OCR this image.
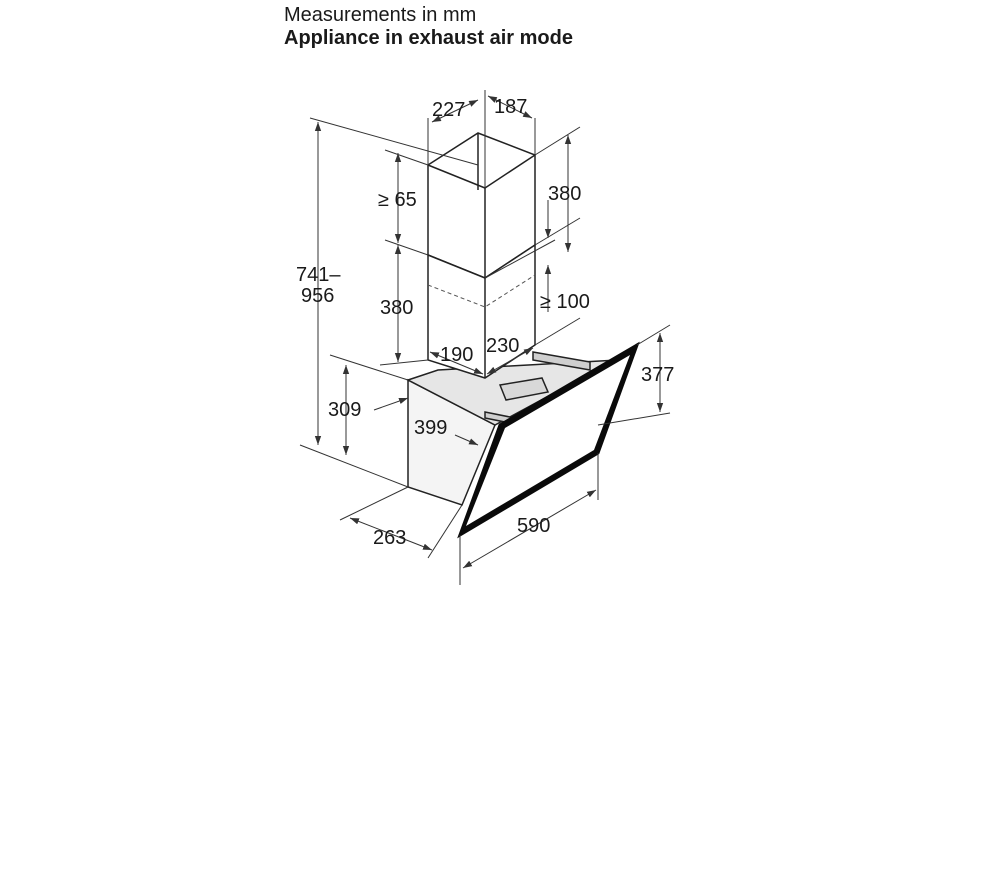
Measurements in mm
Appliance in exhaust air mode
227 187
≥ 65	380
741–
956
380	≥ 100
190 230
377
309
399
263
590
